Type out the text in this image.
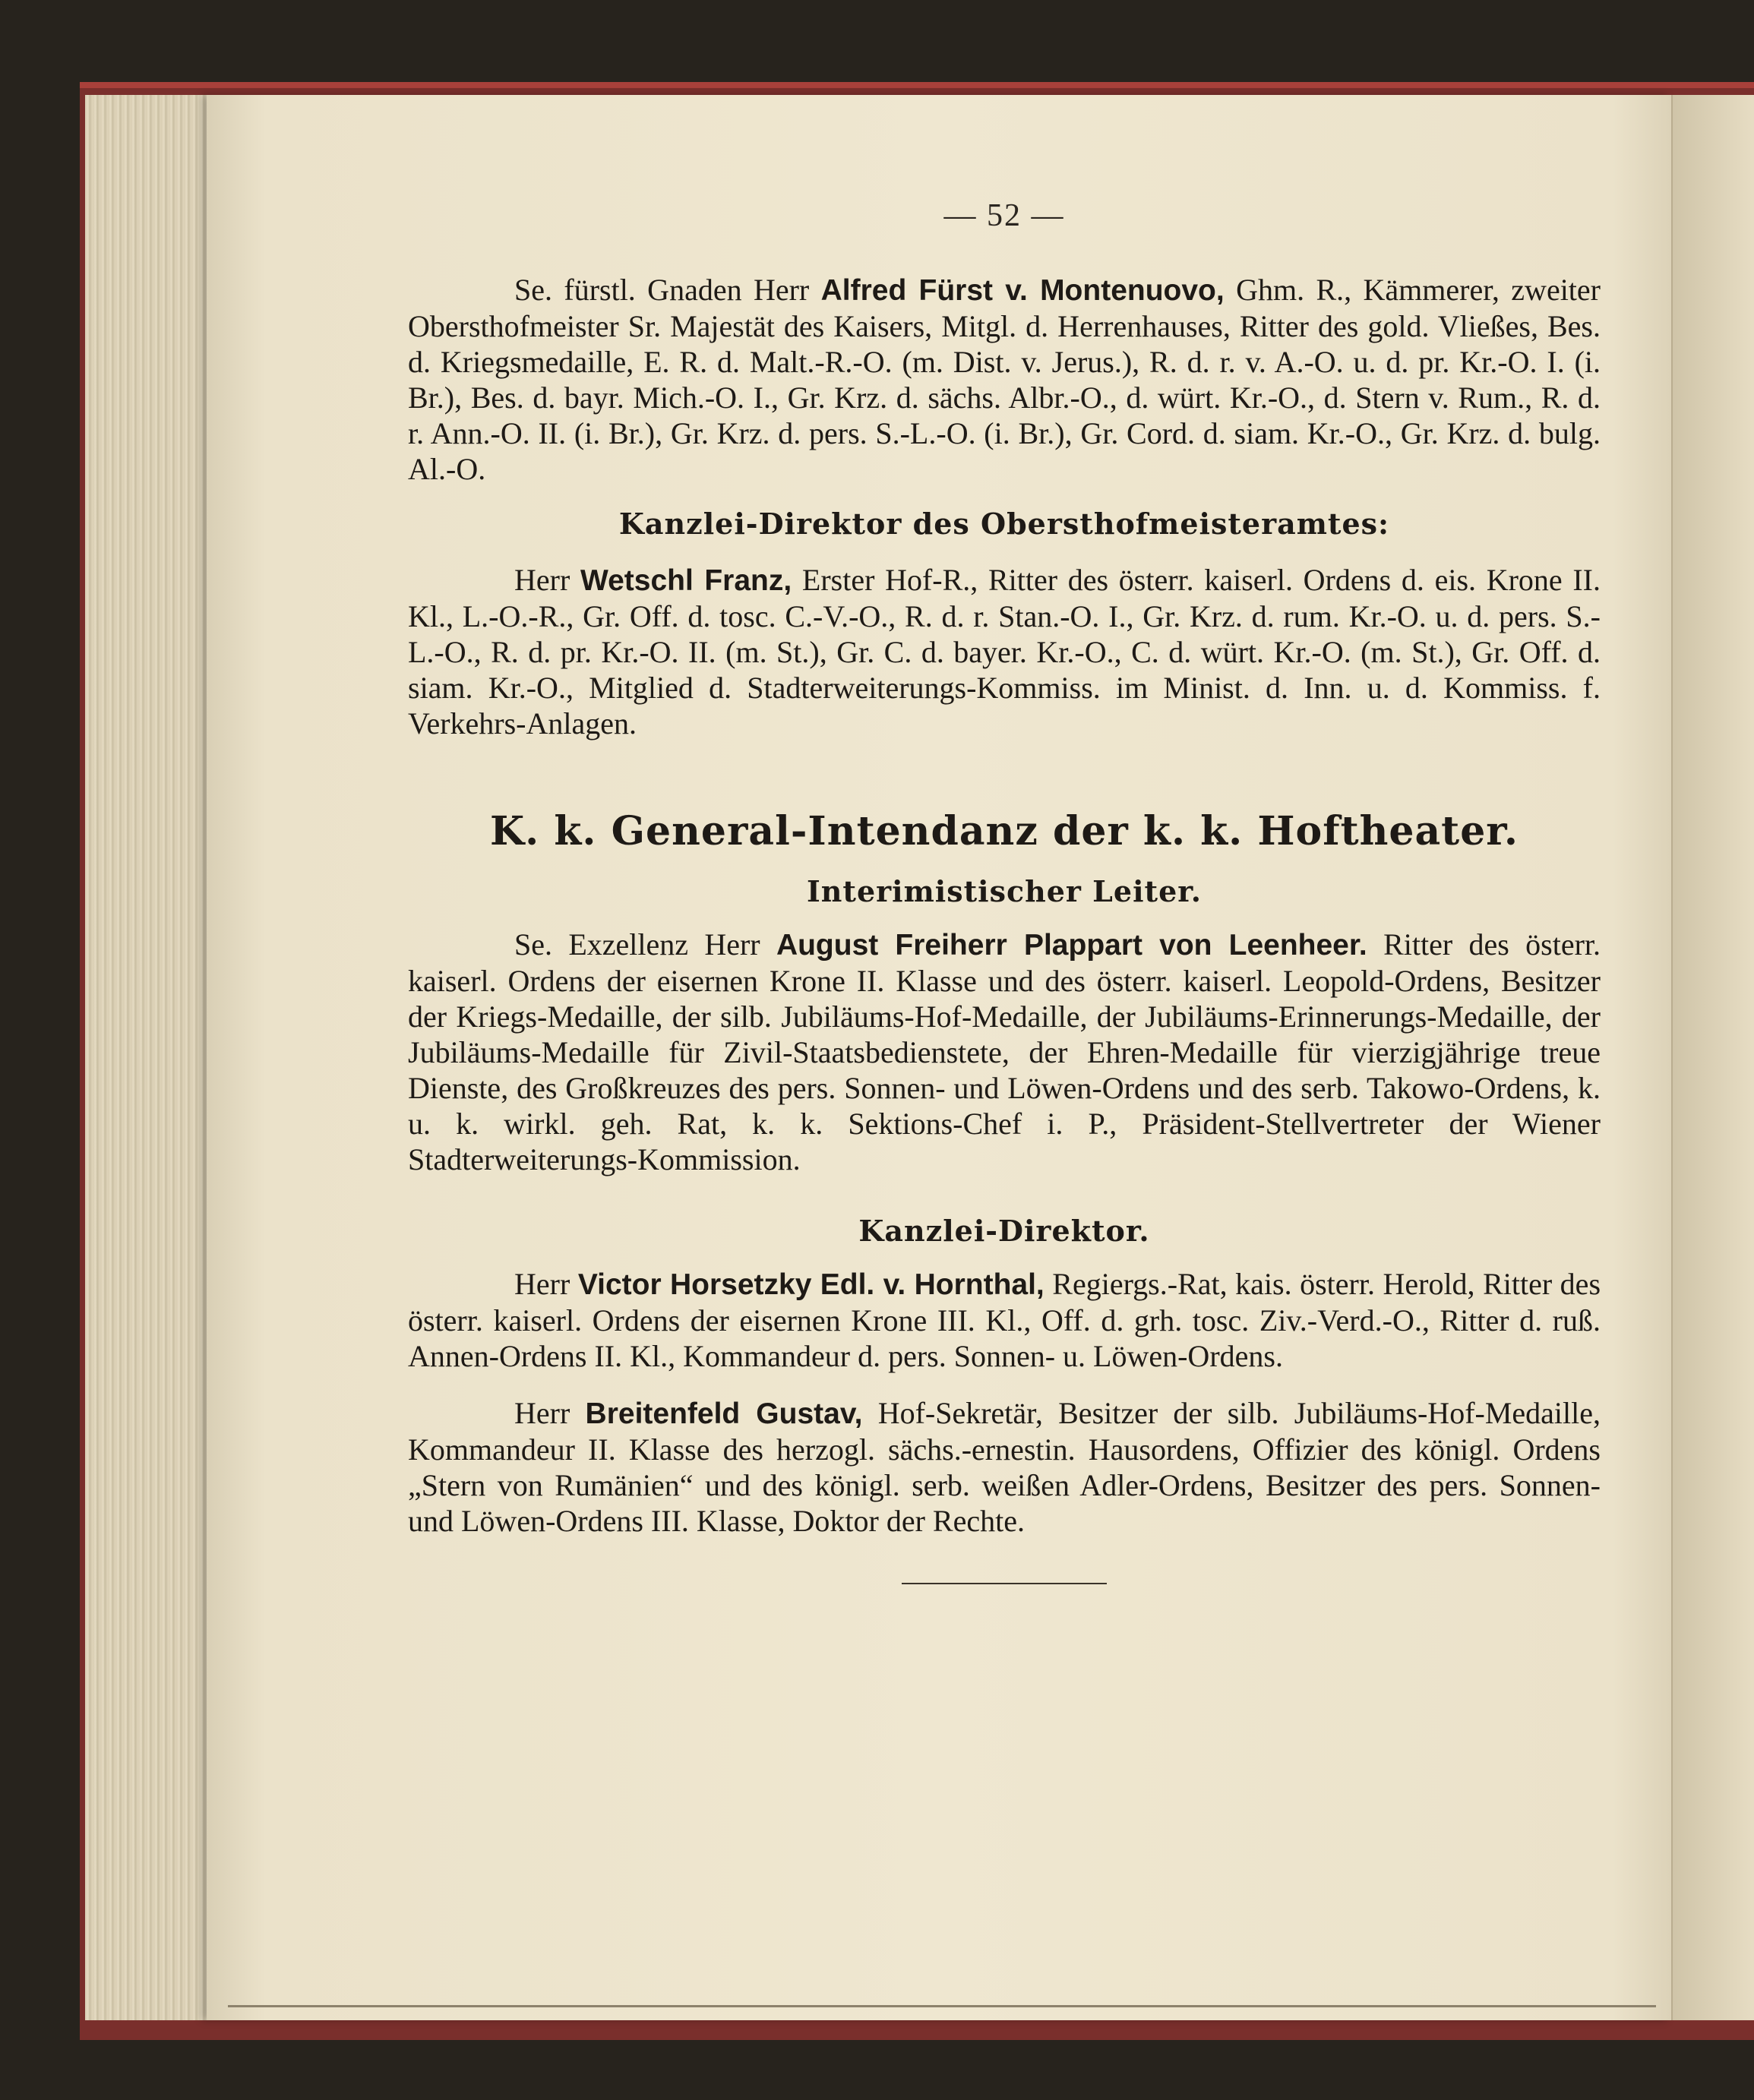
— 52 —

Se. fürstl. Gnaden Herr Alfred Fürst v. Montenuovo, Ghm. R., Kämmerer, zweiter Obersthofmeister Sr. Majestät des Kaisers, Mitgl. d. Herrenhauses, Ritter des gold. Vließes, Bes. d. Kriegsmedaille, E. R. d. Malt.-R.-O. (m. Dist. v. Jerus.), R. d. r. v. A.-O. u. d. pr. Kr.-O. I. (i. Br.), Bes. d. bayr. Mich.-O. I., Gr. Krz. d. sächs. Albr.-O., d. würt. Kr.-O., d. Stern v. Rum., R. d. r. Ann.-O. II. (i. Br.), Gr. Krz. d. pers. S.-L.-O. (i. Br.), Gr. Cord. d. siam. Kr.-O., Gr. Krz. d. bulg. Al.-O.

Kanzlei-Direktor des Obersthofmeisteramtes:

Herr Wetschl Franz, Erster Hof-R., Ritter des österr. kaiserl. Ordens d. eis. Krone II. Kl., L.-O.-R., Gr. Off. d. tosc. C.-V.-O., R. d. r. Stan.-O. I., Gr. Krz. d. rum. Kr.-O. u. d. pers. S.-L.-O., R. d. pr. Kr.-O. II. (m. St.), Gr. C. d. bayer. Kr.-O., C. d. würt. Kr.-O. (m. St.), Gr. Off. d. siam. Kr.-O., Mitglied d. Stadterweiterungs-Kommiss. im Minist. d. Inn. u. d. Kommiss. f. Verkehrs-Anlagen.

K. k. General-Intendanz der k. k. Hoftheater.
Interimistischer Leiter.

Se. Exzellenz Herr August Freiherr Plappart von Leenheer. Ritter des österr. kaiserl. Ordens der eisernen Krone II. Klasse und des österr. kaiserl. Leopold-Ordens, Besitzer der Kriegs-Medaille, der silb. Jubiläums-Hof-Medaille, der Jubiläums-Erinnerungs-Medaille, der Jubiläums-Medaille für Zivil-Staatsbedienstete, der Ehren-Medaille für vierzigjährige treue Dienste, des Großkreuzes des pers. Sonnen- und Löwen-Ordens und des serb. Takowo-Ordens, k. u. k. wirkl. geh. Rat, k. k. Sektions-Chef i. P., Präsident-Stellvertreter der Wiener Stadterweiterungs-Kommission.

Kanzlei-Direktor.

Herr Victor Horsetzky Edl. v. Hornthal, Regiergs.-Rat, kais. österr. Herold, Ritter des österr. kaiserl. Ordens der eisernen Krone III. Kl., Off. d. grh. tosc. Ziv.-Verd.-O., Ritter d. ruß. Annen-Ordens II. Kl., Kommandeur d. pers. Sonnen- u. Löwen-Ordens.

Herr Breitenfeld Gustav, Hof-Sekretär, Besitzer der silb. Jubiläums-Hof-Medaille, Kommandeur II. Klasse des herzogl. sächs.-ernestin. Hausordens, Offizier des königl. Ordens „Stern von Rumänien“ und des königl. serb. weißen Adler-Ordens, Besitzer des pers. Sonnen- und Löwen-Ordens III. Klasse, Doktor der Rechte.
